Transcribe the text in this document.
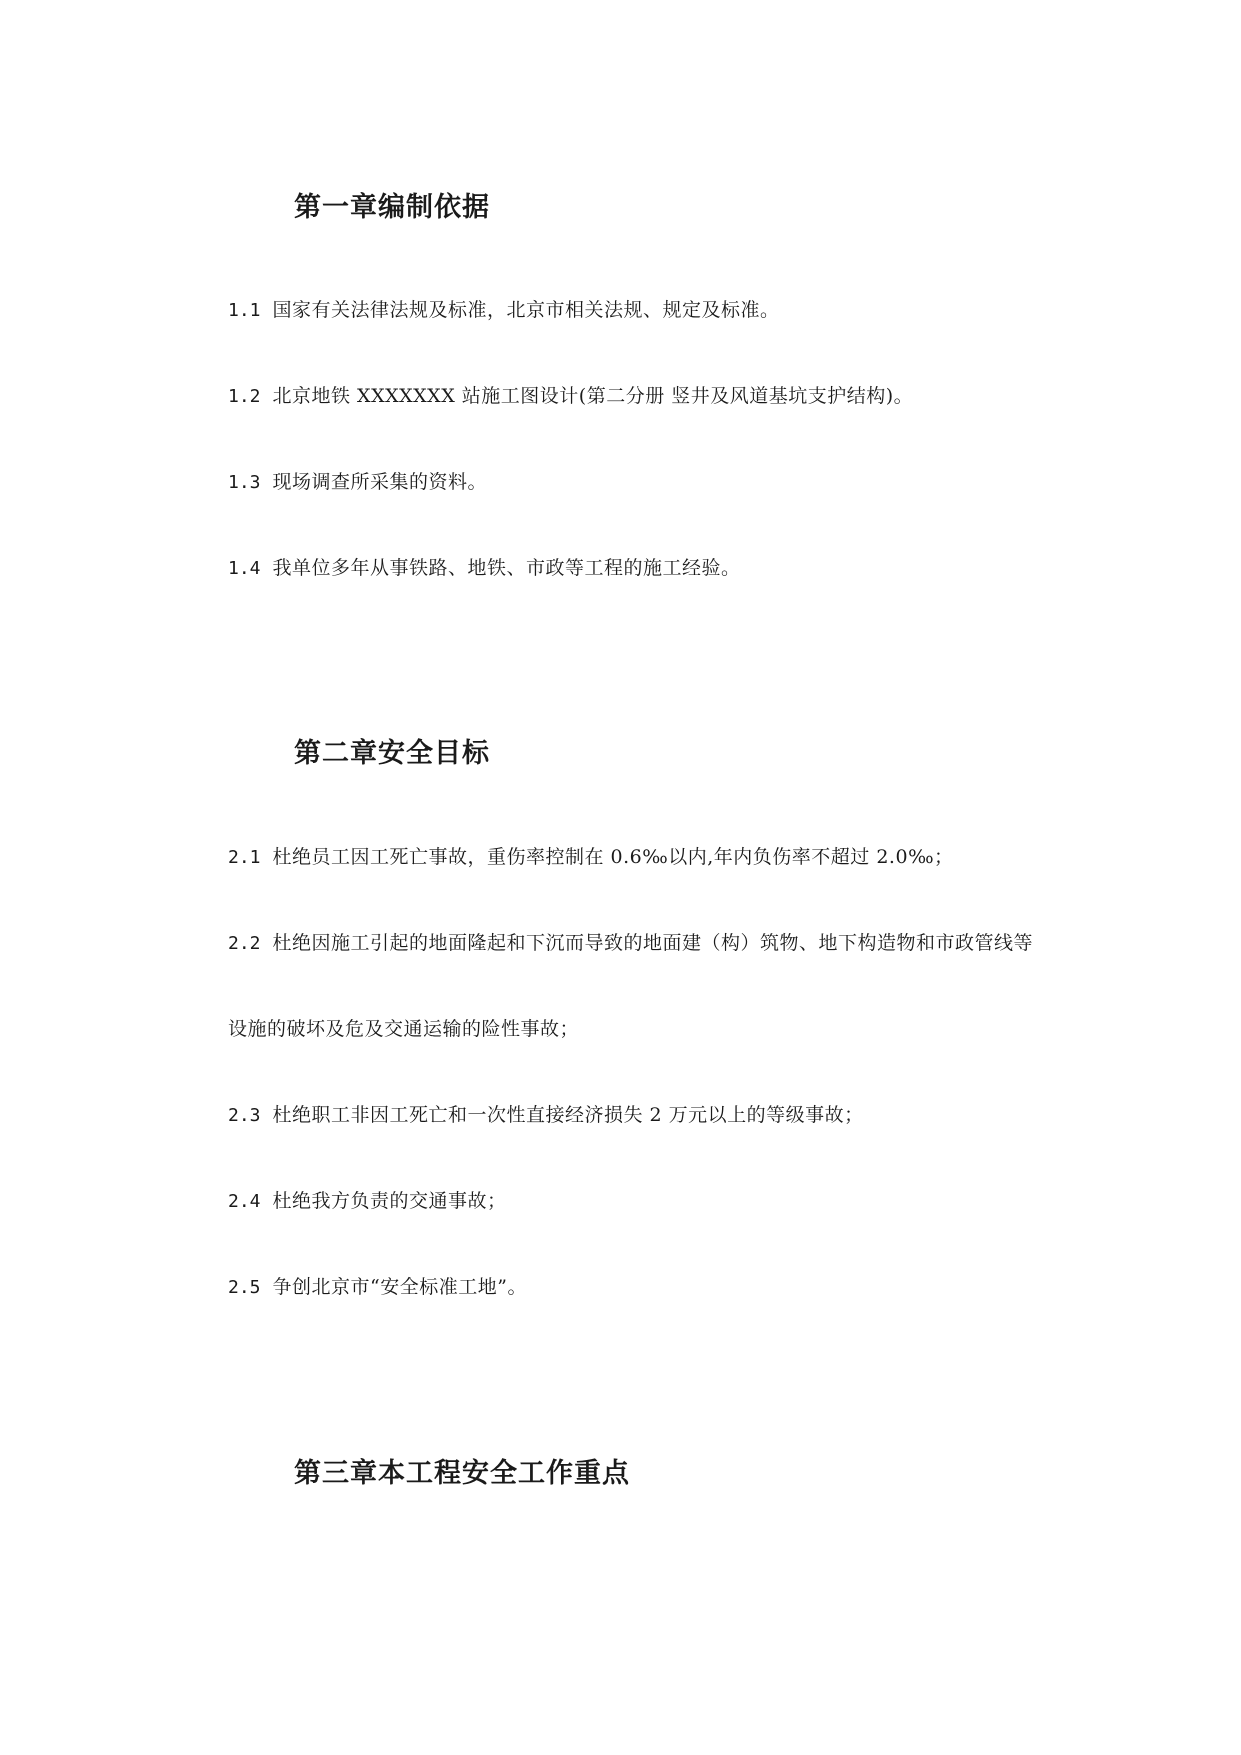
第一章编制依据
1.1 国家有关法律法规及标准，北京市相关法规、规定及标准。
1.2 北京地铁 XXXXXXX 站施工图设计(第二分册 竖井及风道基坑支护结构)。
1.3 现场调查所采集的资料。
1.4 我单位多年从事铁路、地铁、市政等工程的施工经验。
第二章安全目标
2.1 杜绝员工因工死亡事故，重伤率控制在 0.6‰以内,年内负伤率不超过 2.0‰；
2.2 杜绝因施工引起的地面隆起和下沉而导致的地面建（构）筑物、地下构造物和市政管线等
设施的破坏及危及交通运输的险性事故；
2.3 杜绝职工非因工死亡和一次性直接经济损失 2 万元以上的等级事故；
2.4 杜绝我方负责的交通事故；
2.5 争创北京市“安全标准工地”。
第三章本工程安全工作重点
